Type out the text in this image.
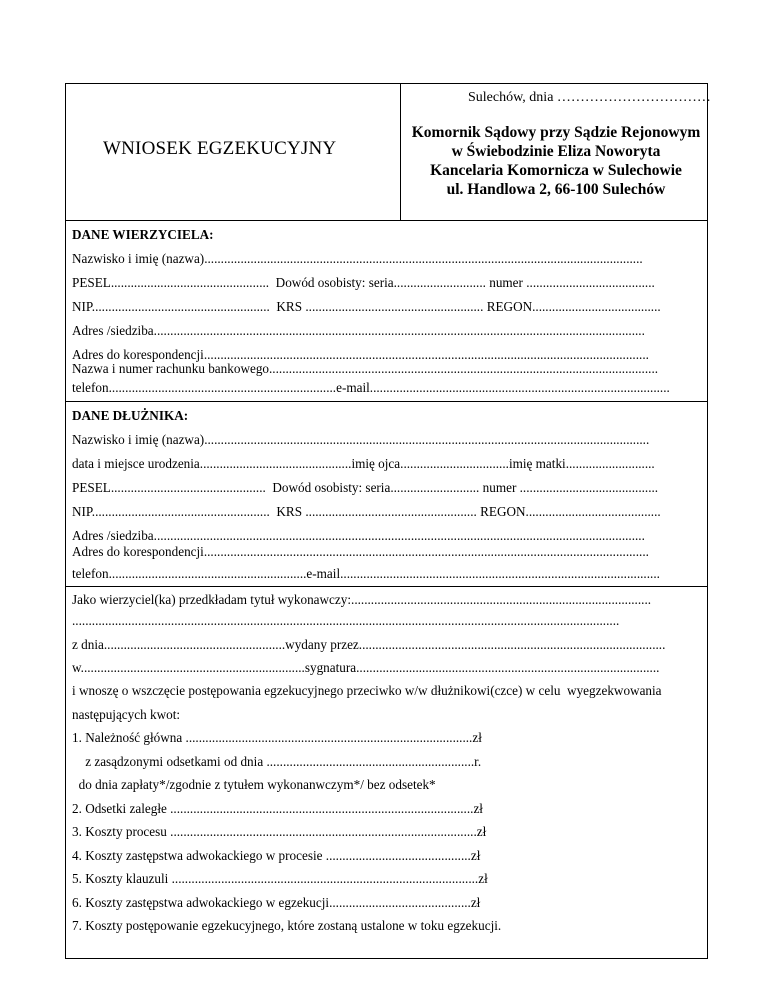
Sulechów, dnia ……………………………
WNIOSEK EGZEKUCYJNY
Komornik Sądowy przy Sądzie Rejonowym
w Świebodzinie Eliza Noworyta
Kancelaria Komornicza w Sulechowie
ul. Handlowa 2, 66-100 Sulechów
DANE WIERZYCIELA:
Nazwisko i imię (nazwa).....................................................................................................................................
PESEL................................................  Dowód osobisty: seria............................ numer .......................................
NIP......................................................  KRS ...................................................... REGON.......................................
Adres /siedziba.....................................................................................................................................................
Adres do korespondencji.......................................................................................................................................
Nazwa i numer rachunku bankowego......................................................................................................................
telefon.....................................................................e-mail...........................................................................................
DANE DŁUŻNIKA:
Nazwisko i imię (nazwa).......................................................................................................................................
data i miejsce urodzenia..............................................imię ojca.................................imię matki...........................
PESEL...............................................  Dowód osobisty: seria........................... numer ..........................................
NIP......................................................  KRS .................................................... REGON.........................................
Adres /siedziba.....................................................................................................................................................
Adres do korespondencji.......................................................................................................................................
telefon............................................................e-mail.................................................................................................
Jako wierzyciel(ka) przedkładam tytuł wykonawczy:...........................................................................................
......................................................................................................................................................................
z dnia.......................................................wydany przez.............................................................................................
w....................................................................sygnatura............................................................................................
i wnoszę o wszczęcie postępowania egzekucyjnego przeciwko w/w dłużnikowi(czce) w celu  wyegzekwowania
następujących kwot:
1. Należność główna .......................................................................................zł
z zasądzonymi odsetkami od dnia ...............................................................r.
do dnia zapłaty*/zgodnie z tytułem wykonanwczym*/ bez odsetek*
2. Odsetki zaległe ............................................................................................zł
3. Koszty procesu .............................................................................................zł
4. Koszty zastępstwa adwokackiego w procesie ............................................zł
5. Koszty klauzuli .............................................................................................zł
6. Koszty zastępstwa adwokackiego w egzekucji...........................................zł
7. Koszty postępowanie egzekucyjnego, które zostaną ustalone w toku egzekucji.
